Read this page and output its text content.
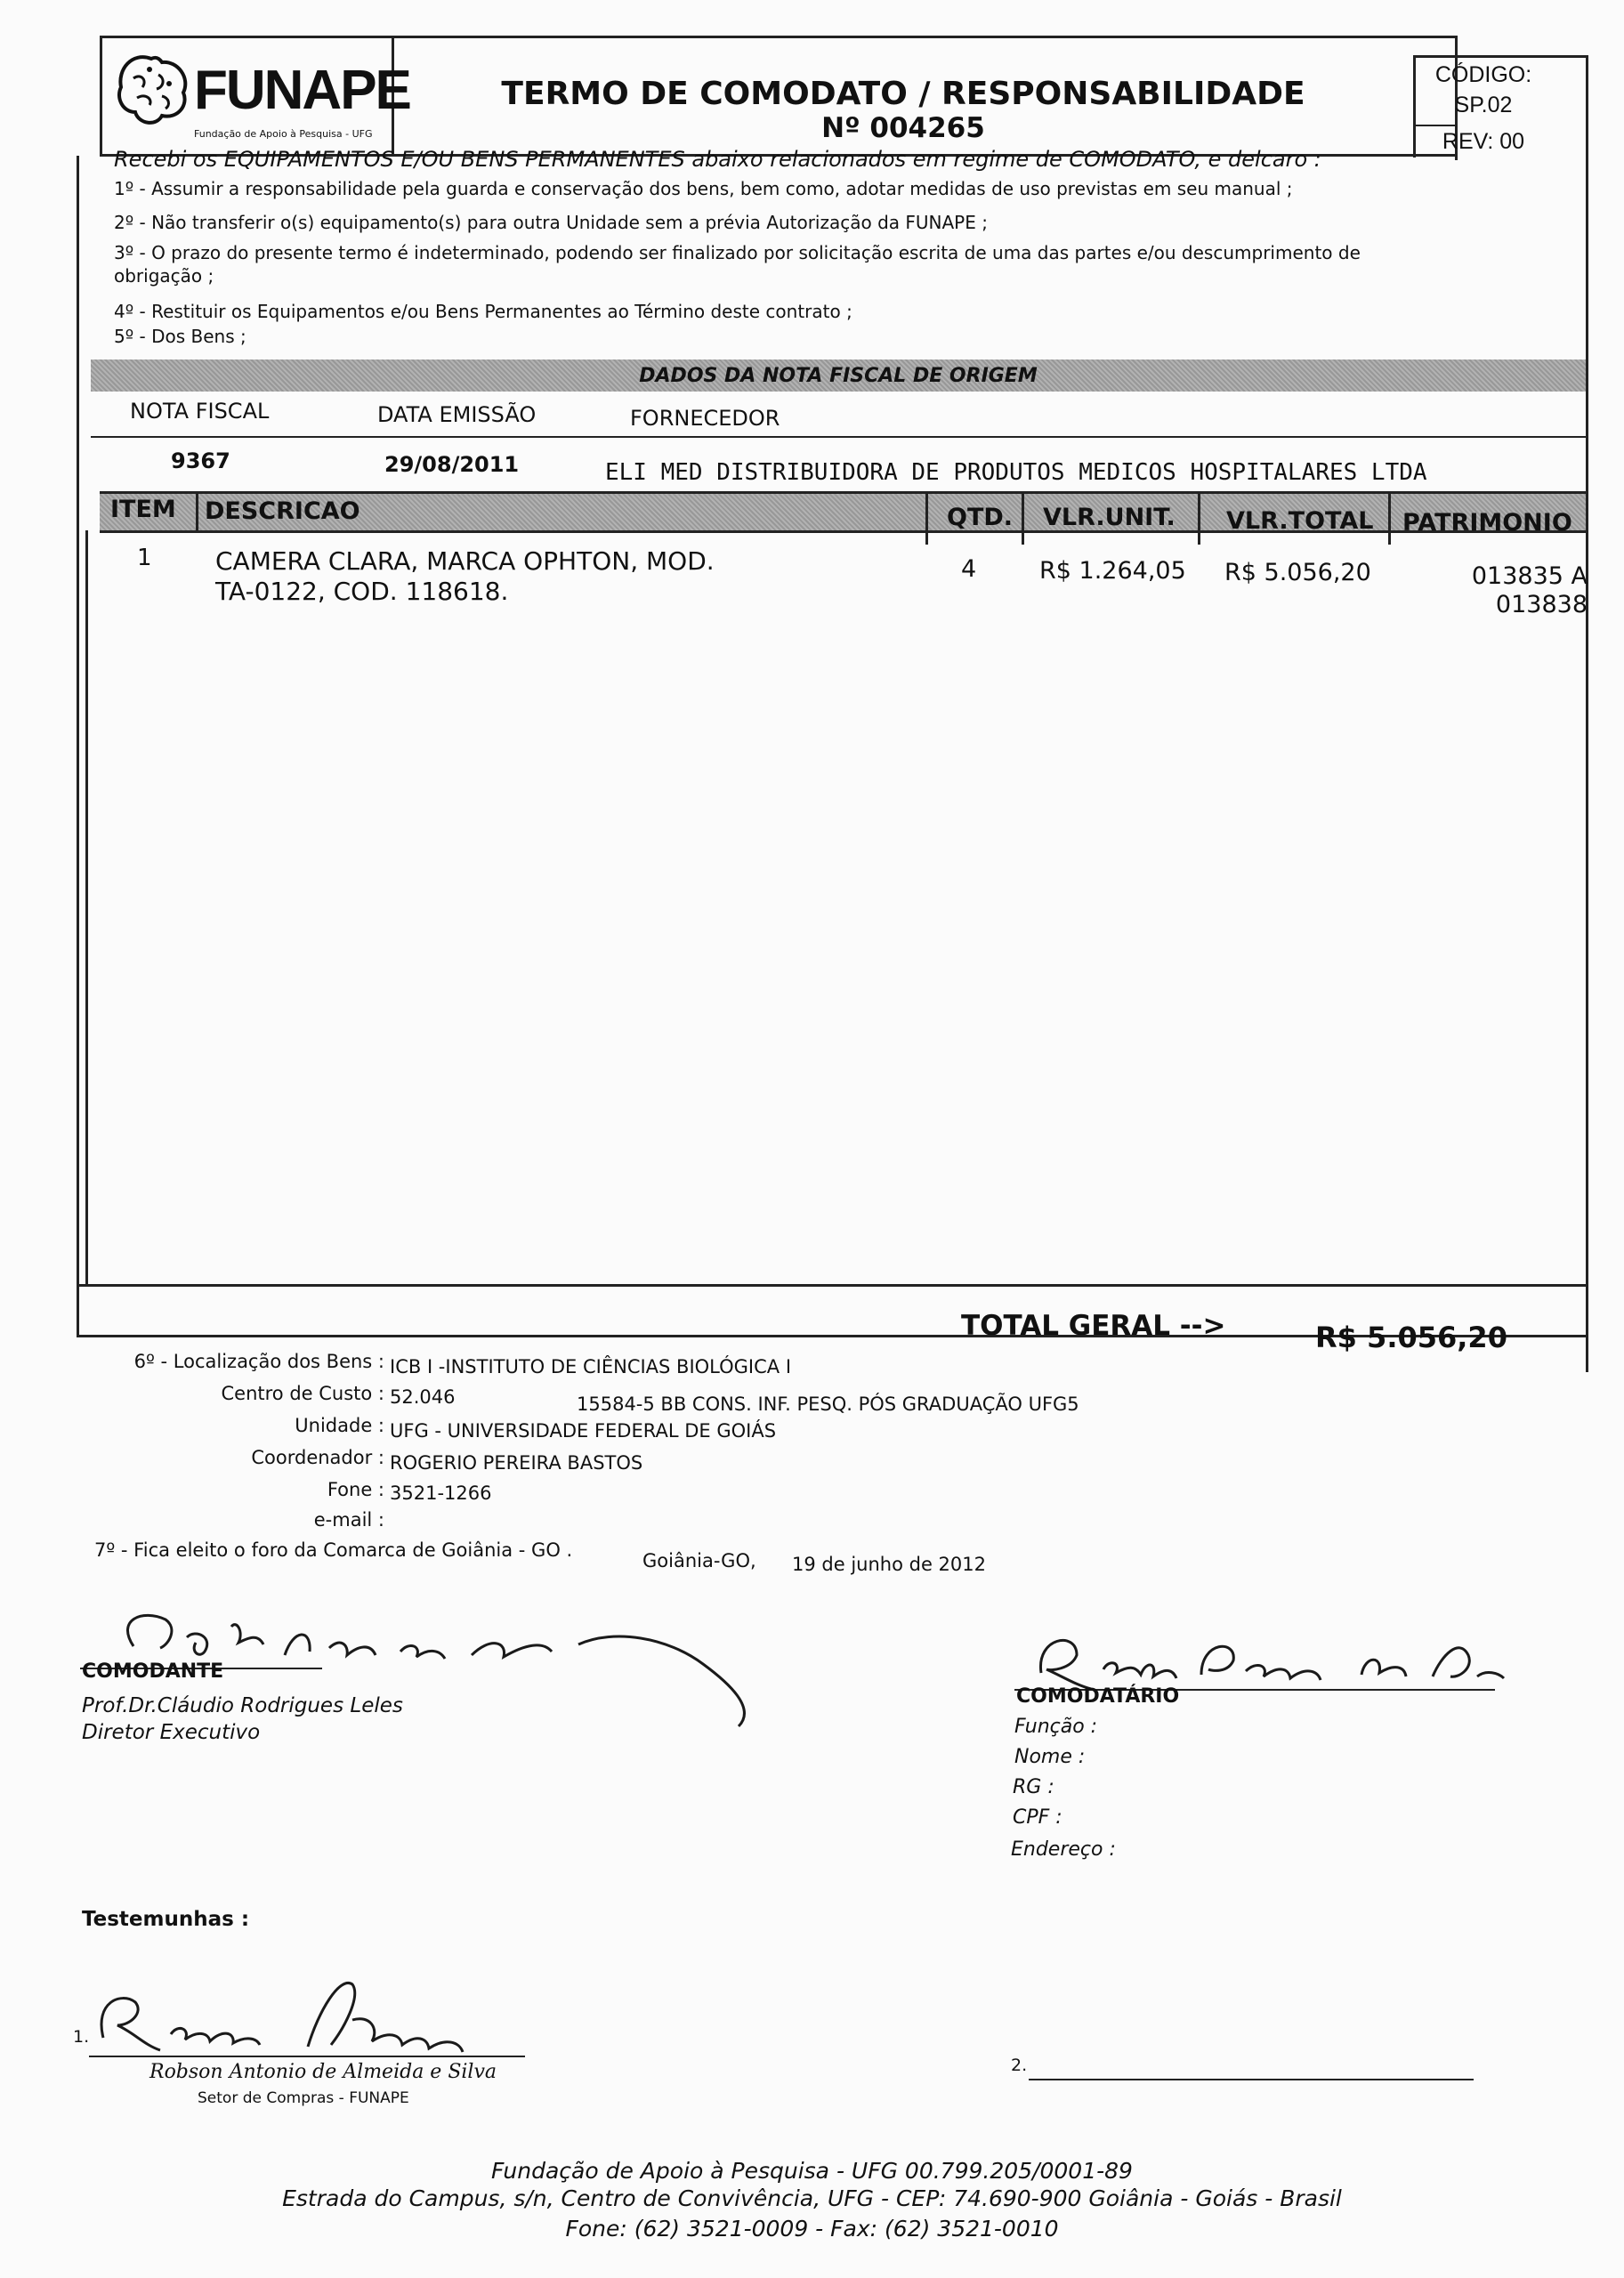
FUNAPE
Fundação de Apoio à Pesquisa - UFG
TERMO DE COMODATO / RESPONSABILIDADE
Nº 004265
CÓDIGO:
SP.02
REV: 00
Recebi os EQUIPAMENTOS E/OU BENS PERMANENTES abaixo relacionados em regime de COMODATO, e delcaro :
1º - Assumir a responsabilidade pela guarda e conservação dos bens, bem como, adotar medidas de uso previstas em seu manual ;
2º - Não transferir o(s) equipamento(s) para outra Unidade sem a prévia Autorização da FUNAPE ;
3º - O prazo do presente termo é indeterminado, podendo ser finalizado por solicitação escrita de uma das partes e/ou descumprimento de
obrigação ;
4º - Restituir os Equipamentos e/ou Bens Permanentes ao Término deste contrato ;
5º - Dos Bens ;
DADOS DA NOTA FISCAL DE ORIGEM
NOTA FISCAL	DATA EMISSÃO	FORNECEDOR
9367	29/08/2011	ELI MED DISTRIBUIDORA DE PRODUTOS MEDICOS HOSPITALARES LTDA
ITEM DESCRICAO	QTD. VLR.UNIT. VLR.TOTAL PATRIMONIO
1	CAMERA CLARA, MARCA OPHTON, MOD.
TA-0122, COD. 118618.
4	R$ 1.264,05 R$ 5.056,20	013835 A
013838
TOTAL GERAL -->	R$ 5.056,20
6º - Localização dos Bens : ICB I -INSTITUTO DE CIÊNCIAS BIOLÓGICA I
Centro de Custo : 52.046	15584-5 BB CONS. INF. PESQ. PÓS GRADUAÇÃO UFG5
Unidade : UFG - UNIVERSIDADE FEDERAL DE GOIÁS
Coordenador : ROGERIO PEREIRA BASTOS
Fone : 3521-1266
e-mail :
7º - Fica eleito o foro da Comarca de Goiânia - GO .	Goiânia-GO, 19 de junho de 2012
COMODANTE
Prof.Dr.Cláudio Rodrigues Leles
Diretor Executivo
COMODATÁRIO
Função :
Nome :
RG :
CPF :
Endereço :
Testemunhas :
1.
Robson Antonio de Almeida e Silva
Setor de Compras - FUNAPE
2.
Fundação de Apoio à Pesquisa - UFG 00.799.205/0001-89
Estrada do Campus, s/n, Centro de Convivência, UFG - CEP: 74.690-900 Goiânia - Goiás - Brasil
Fone: (62) 3521-0009 - Fax: (62) 3521-0010
